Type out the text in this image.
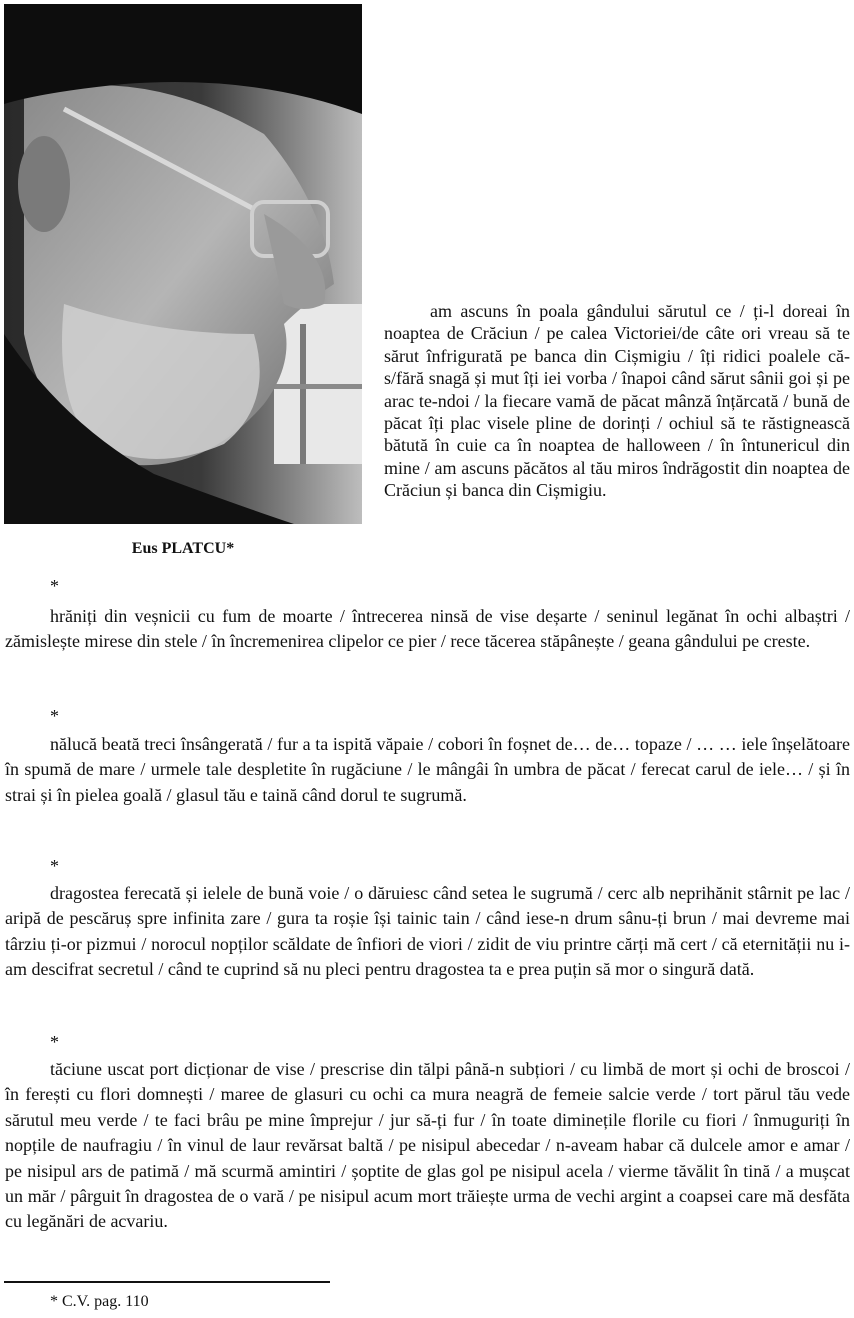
Eus PLATCU*

am ascuns în poala gândului sărutul ce / ți-l doreai în noaptea de Crăciun / pe calea Victoriei/de câte ori vreau să te sărut înfrigurată pe banca din Cișmigiu / îți ridici poalele că-s/fără snagă și mut îți iei vorba / înapoi când sărut sânii goi și pe arac te-ndoi / la fiecare vamă de păcat mânză înțărcată / bună de păcat îți plac visele pline de dorinți / ochiul să te răstignească bătută în cuie ca în noaptea de halloween / în întunericul din mine / am ascuns păcătos al tău miros îndrăgostit din noaptea de Crăciun și banca din Cișmigiu.

*

hrăniți din veșnicii cu fum de moarte / întrecerea ninsă de vise deșarte / seninul legănat în ochi albaștri / zămislește mirese din stele / în încremenirea clipelor ce pier / rece tăcerea stăpânește / geana gândului pe creste.

*

nălucă beată treci însângerată / fur a ta ispită văpaie / cobori în foșnet de… de… topaze / … … iele înșelătoare în spumă de mare / urmele tale despletite în rugăciune / le mângâi în umbra de păcat / ferecat carul de iele… / și în strai și în pielea goală / glasul tău e taină când dorul te sugrumă.

*

dragostea ferecată și ielele de bună voie / o dăruiesc când setea le sugrumă / cerc alb neprihănit stârnit pe lac / aripă de pescăruș spre infinita zare / gura ta roșie își tainic tain / când iese-n drum sânu-ți brun / mai devreme mai târziu ți-or pizmui / norocul nopților scăldate de înfiori de viori / zidit de viu printre cărți mă cert / că eternității nu i-am descifrat secretul / când te cuprind să nu pleci pentru dragostea ta e prea puțin să mor o singură dată.

*

tăciune uscat port dicționar de vise / prescrise din tălpi până-n subțiori / cu limbă de mort și ochi de broscoi / în ferești cu flori domnești / maree de glasuri cu ochi ca mura neagră de femeie salcie verde / tort părul tău vede sărutul meu verde / te faci brâu pe mine împrejur / jur să-ți fur / în toate diminețile florile cu fiori / înmuguriți în nopțile de naufragiu / în vinul de laur revărsat baltă / pe nisipul abecedar / n-aveam habar că dulcele amor e amar / pe nisipul ars de patimă / mă scurmă amintiri / șoptite de glas gol pe nisipul acela / vierme tăvălit în tină / a mușcat un măr / pârguit în dragostea de o vară / pe nisipul acum mort trăiește urma de vechi argint a coapsei care mă desfăta cu legănări de acvariu.

* C.V. pag. 110
